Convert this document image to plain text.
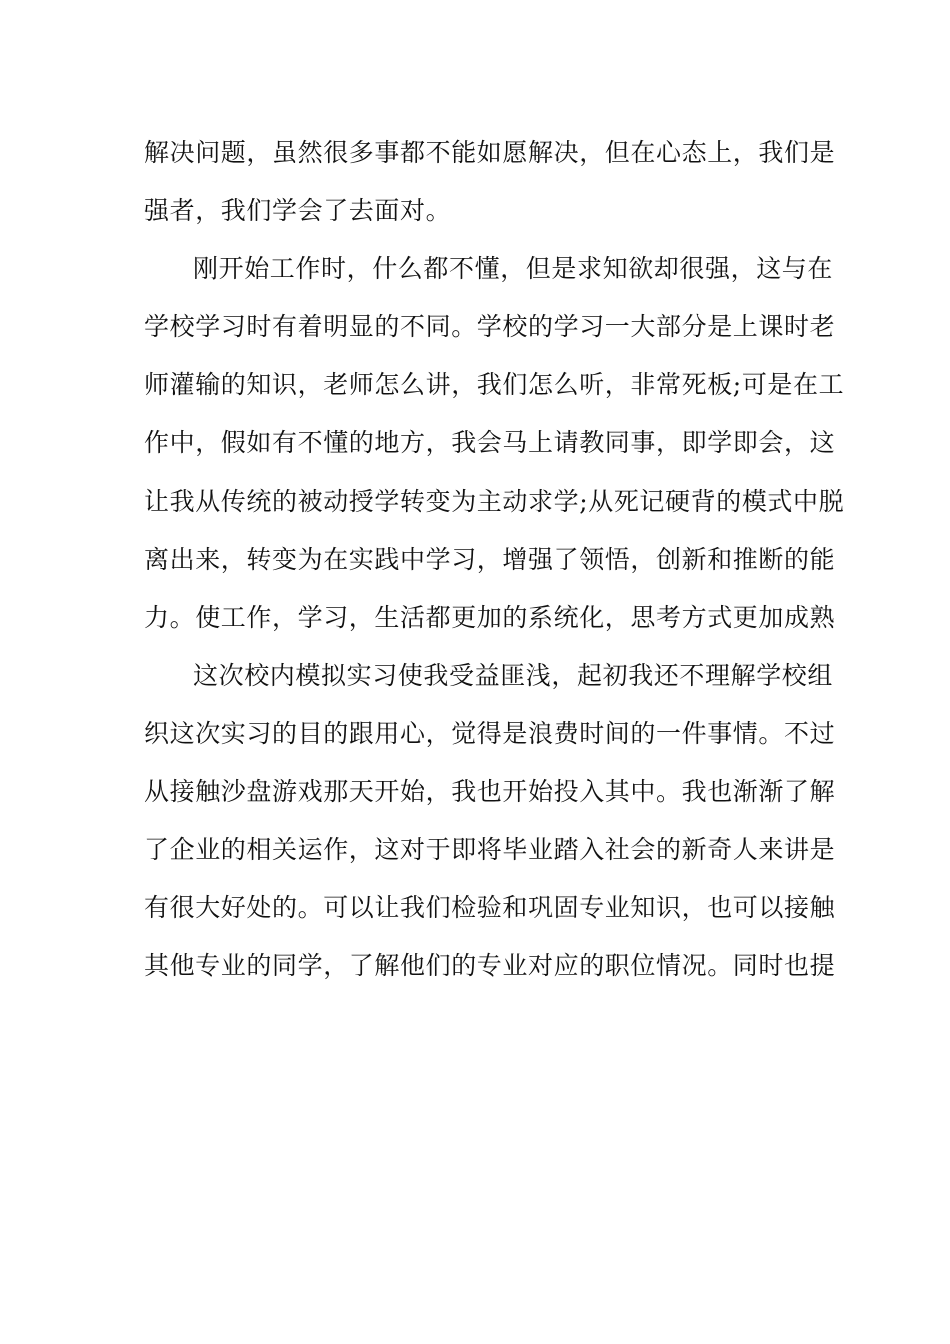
解决问题，虽然很多事都不能如愿解决，但在心态上，我们是
强者，我们学会了去面对。
刚开始工作时，什么都不懂，但是求知欲却很强，这与在
学校学习时有着明显的不同。学校的学习一大部分是上课时老
师灌输的知识，老师怎么讲，我们怎么听，非常死板;可是在工
作中，假如有不懂的地方，我会马上请教同事，即学即会，这
让我从传统的被动授学转变为主动求学;从死记硬背的模式中脱
离出来，转变为在实践中学习，增强了领悟，创新和推断的能
力。使工作，学习，生活都更加的系统化，思考方式更加成熟
这次校内模拟实习使我受益匪浅，起初我还不理解学校组
织这次实习的目的跟用心，觉得是浪费时间的一件事情。不过
从接触沙盘游戏那天开始，我也开始投入其中。我也渐渐了解
了企业的相关运作，这对于即将毕业踏入社会的新奇人来讲是
有很大好处的。可以让我们检验和巩固专业知识，也可以接触
其他专业的同学，了解他们的专业对应的职位情况。同时也提
